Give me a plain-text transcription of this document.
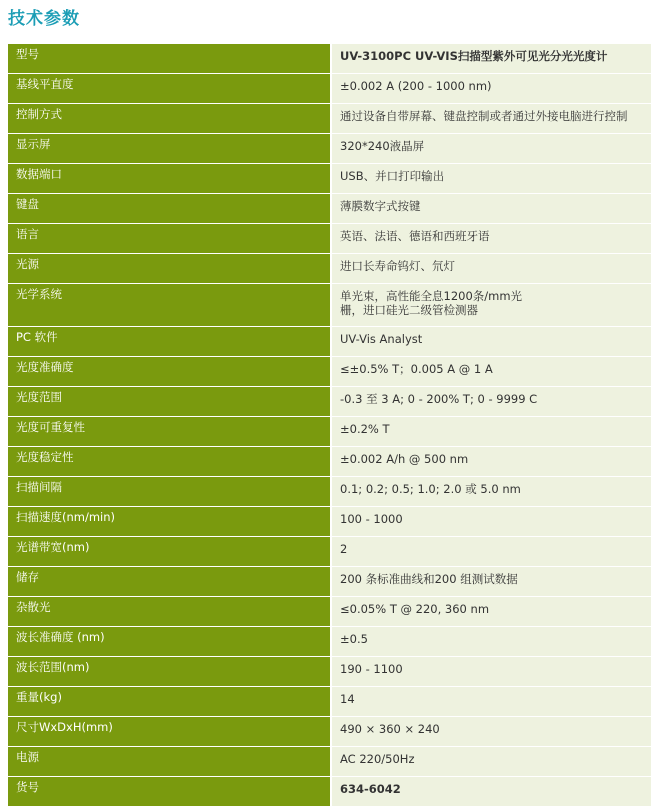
技术参数
型号	UV-3100PC UV-VIS扫描型紫外可见光分光光度计
基线平直度	±0.002 A (200 - 1000 nm)
控制方式	通过设备自带屏幕、键盘控制或者通过外接电脑进行控制
显示屏	320*240液晶屏
数据端口	USB、并口打印输出
键盘	薄膜数字式按键
语言	英语、法语、德语和西班牙语
光源	进口长寿命钨灯、氘灯
光学系统	单光束，高性能全息1200条/mm光栅，进口硅光二级管检测器
PC 软件	UV-Vis Analyst
光度准确度	≤±0.5% T；0.005 A @ 1 A
光度范围	-0.3 至 3 A; 0 - 200% T; 0 - 9999 C
光度可重复性	±0.2% T
光度稳定性	±0.002 A/h @ 500 nm
扫描间隔	0.1; 0.2; 0.5; 1.0; 2.0 或 5.0 nm
扫描速度(nm/min)	100 - 1000
光谱带宽(nm)	2
储存	200 条标准曲线和200 组测试数据
杂散光	≤0.05% T @ 220, 360 nm
波长准确度 (nm)	±0.5
波长范围(nm)	190 - 1100
重量(kg)	14
尺寸WxDxH(mm)	490 × 360 × 240
电源	AC 220/50Hz
货号	634-6042
